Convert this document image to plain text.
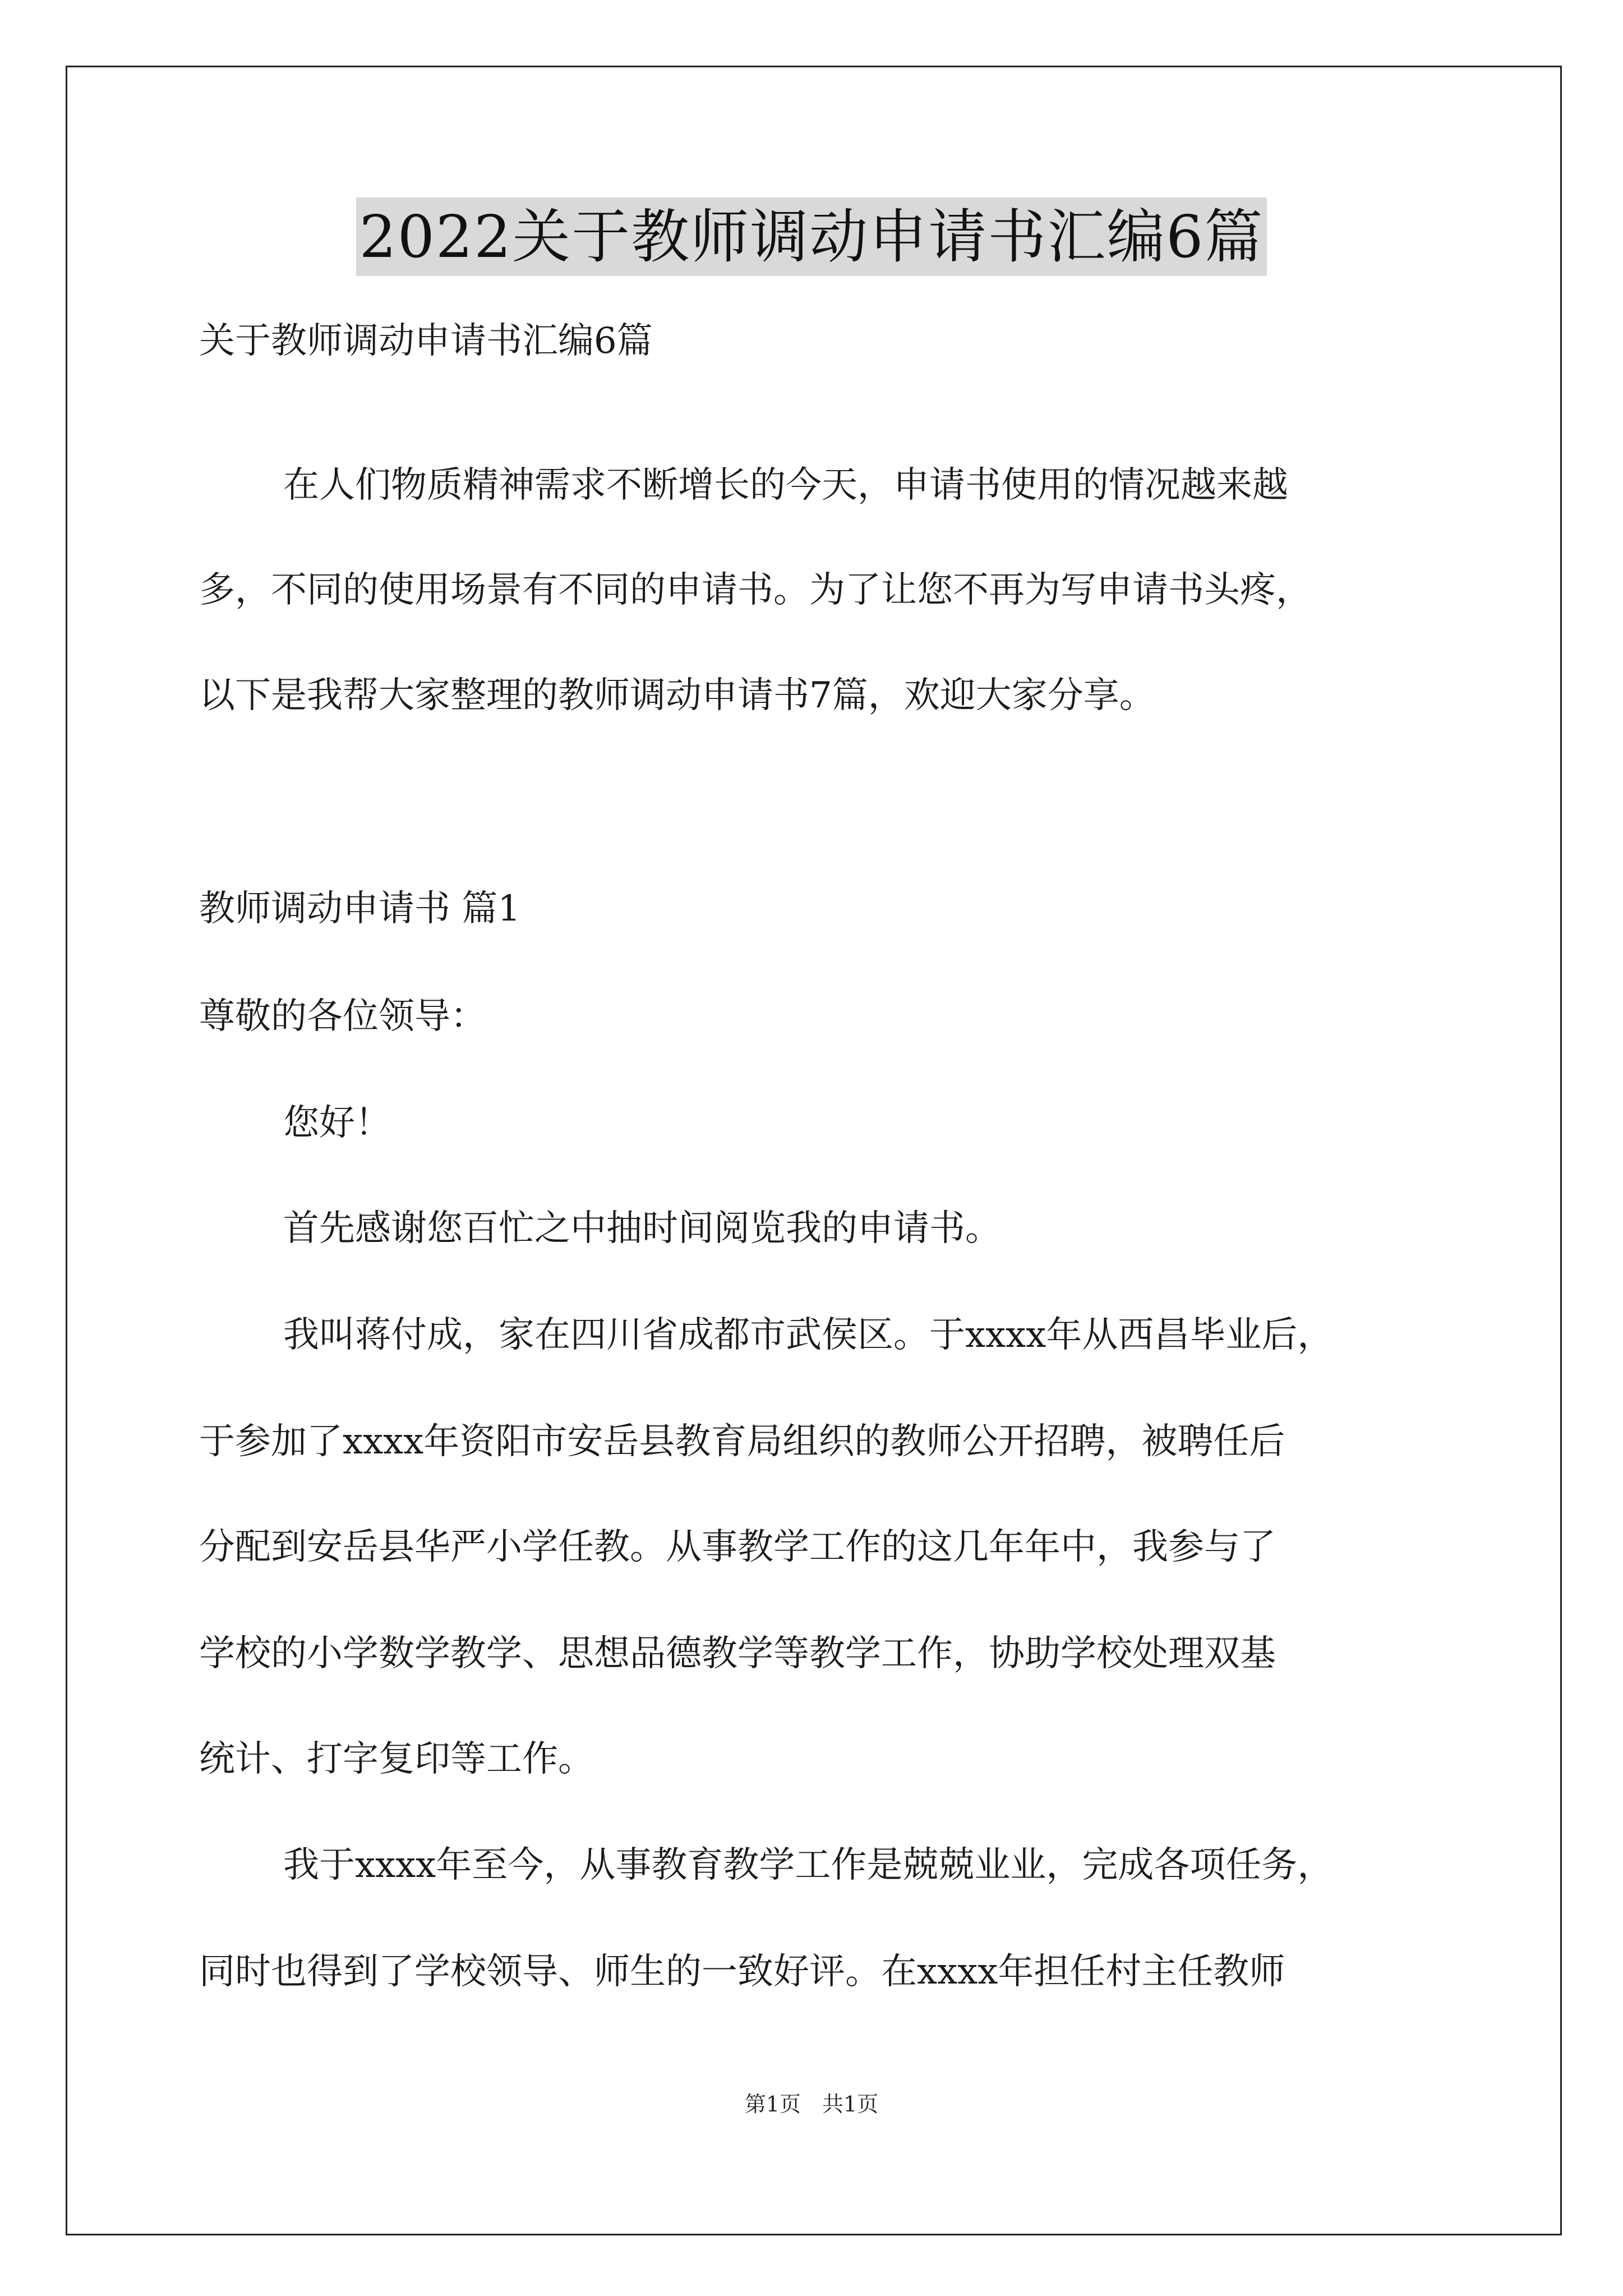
2022关于教师调动申请书汇编6篇

关于教师调动申请书汇编6篇

在人们物质精神需求不断增长的今天，申请书使用的情况越来越

多，不同的使用场景有不同的申请书。为了让您不再为写申请书头疼，

以下是我帮大家整理的教师调动申请书7篇，欢迎大家分享。

教师调动申请书 篇1

尊敬的各位领导：

您好！

首先感谢您百忙之中抽时间阅览我的申请书。

我叫蒋付成，家在四川省成都市武侯区。于xxxx年从西昌毕业后，

于参加了xxxx年资阳市安岳县教育局组织的教师公开招聘，被聘任后

分配到安岳县华严小学任教。从事教学工作的这几年年中，我参与了

学校的小学数学教学、思想品德教学等教学工作，协助学校处理双基

统计、打字复印等工作。

我于xxxx年至今，从事教育教学工作是兢兢业业，完成各项任务，

同时也得到了学校领导、师生的一致好评。在xxxx年担任村主任教师

第1页　共1页
